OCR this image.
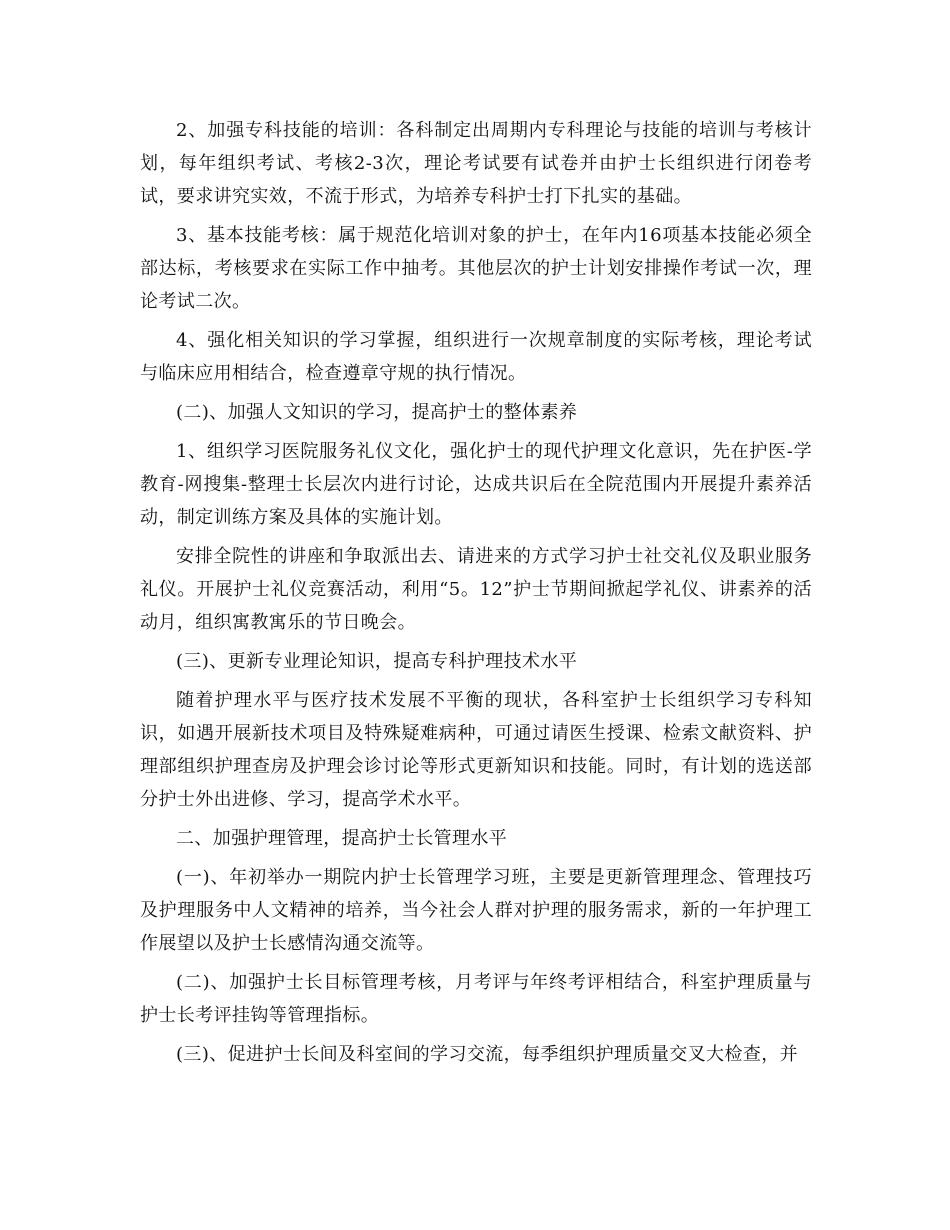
2、加强专科技能的培训：各科制定出周期内专科理论与技能的培训与考核计划，每年组织考试、考核2-3次，理论考试要有试卷并由护士长组织进行闭卷考试，要求讲究实效，不流于形式，为培养专科护士打下扎实的基础。

3、基本技能考核：属于规范化培训对象的护士，在年内16项基本技能必须全部达标，考核要求在实际工作中抽考。其他层次的护士计划安排操作考试一次，理论考试二次。

4、强化相关知识的学习掌握，组织进行一次规章制度的实际考核，理论考试与临床应用相结合，检查遵章守规的执行情况。

(二)、加强人文知识的学习，提高护士的整体素养

1、组织学习医院服务礼仪文化，强化护士的现代护理文化意识，先在护医-学教育-网搜集-整理士长层次内进行讨论，达成共识后在全院范围内开展提升素养活动，制定训练方案及具体的实施计划。

安排全院性的讲座和争取派出去、请进来的方式学习护士社交礼仪及职业服务礼仪。开展护士礼仪竞赛活动，利用“5。12”护士节期间掀起学礼仪、讲素养的活动月，组织寓教寓乐的节日晚会。

(三)、更新专业理论知识，提高专科护理技术水平

随着护理水平与医疗技术发展不平衡的现状，各科室护士长组织学习专科知识，如遇开展新技术项目及特殊疑难病种，可通过请医生授课、检索文献资料、护理部组织护理查房及护理会诊讨论等形式更新知识和技能。同时，有计划的选送部分护士外出进修、学习，提高学术水平。

二、加强护理管理，提高护士长管理水平

(一)、年初举办一期院内护士长管理学习班，主要是更新管理理念、管理技巧及护理服务中人文精神的培养，当今社会人群对护理的服务需求，新的一年护理工作展望以及护士长感情沟通交流等。

(二)、加强护士长目标管理考核，月考评与年终考评相结合，科室护理质量与护士长考评挂钩等管理指标。

(三)、促进护士长间及科室间的学习交流，每季组织护理质量交叉大检查，并
